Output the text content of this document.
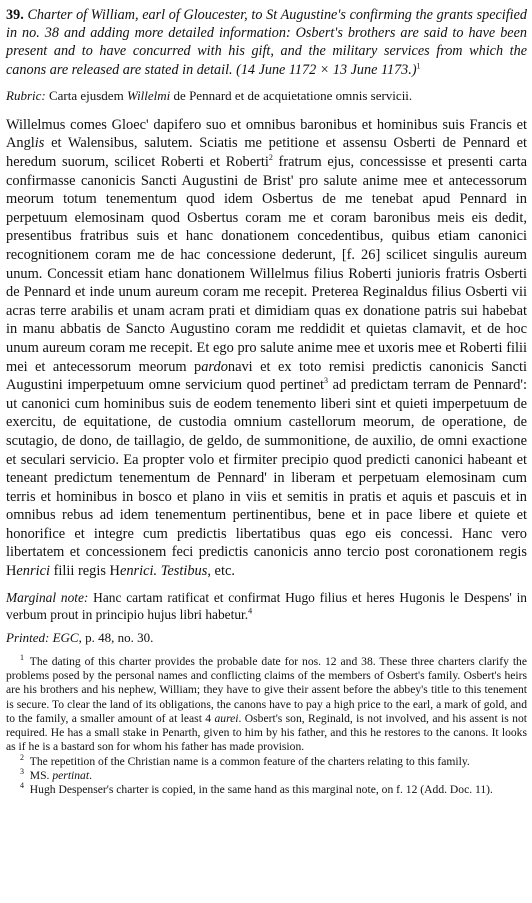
39. Charter of William, earl of Gloucester, to St Augustine's confirming the grants specified in no. 38 and adding more detailed information: Osbert's brothers are said to have been present and to have concurred with his gift, and the military services from which the canons are released are stated in detail. (14 June 1172 × 13 June 1173.)$^1$

Rubric: Carta ejusdem Willelmi de Pennard et de acquietatione omnis servicii.

Willelmus comes Gloec' dapifero suo et omnibus baronibus et hominibus suis Francis et Anglis et Walensibus, salutem. Sciatis me petitione et assensu Osberti de Pennard et heredum suorum, scilicet Roberti et Roberti$^2$ fratrum ejus, concessisse et presenti carta confirmasse canonicis Sancti Augustini de Brist' pro salute anime mee et antecessorum meorum totum tenementum quod idem Osbertus de me tenebat apud Pennard in perpetuum elemosinam quod Osbertus coram me et coram baronibus meis eis dedit, presentibus fratribus suis et hanc donationem concedentibus, quibus etiam canonici recognitionem coram me de hac concessione dederunt, [f. 26] scilicet singulis aureum unum. Concessit etiam hanc donationem Willelmus filius Roberti junioris fratris Osberti de Pennard et inde unum aureum coram me recepit. Preterea Reginaldus filius Osberti vii acras terre arabilis et unam acram prati et dimidiam quas ex donatione patris sui habebat in manu abbatis de Sancto Augustino coram me reddidit et quietas clamavit, et de hoc unum aureum coram me recepit. Et ego pro salute anime mee et uxoris mee et Roberti filii mei et antecessorum meorum pardonavi et ex toto remisi predictis canonicis Sancti Augustini imperpetuum omne servicium quod pertinet$^3$ ad predictam terram de Pennard': ut canonici cum hominibus suis de eodem tenemento liberi sint et quieti imperpetuum de exercitu, de equitatione, de custodia omnium castellorum meorum, de operatione, de scutagio, de dono, de taillagio, de geldo, de summonitione, de auxilio, de omni exactione et seculari servicio. Ea propter volo et firmiter precipio quod predicti canonici habeant et teneant predictum tenementum de Pennard' in liberam et perpetuam elemosinam cum terris et hominibus in bosco et plano in viis et semitis in pratis et aquis et pascuis et in omnibus rebus ad idem tenementum pertinentibus, bene et in pace libere et quiete et honorifice et integre cum predictis libertatibus quas ego eis concessi. Hanc vero libertatem et concessionem feci predictis canonicis anno tercio post coronationem regis Henrici filii regis Henrici. Testibus, etc.

Marginal note: Hanc cartam ratificat et confirmat Hugo filius et heres Hugonis le Despens' in verbum prout in principio hujus libri habetur.$^4$

Printed: EGC, p. 48, no. 30.

$^1$  The dating of this charter provides the probable date for nos. 12 and 38. These three charters clarify the problems posed by the personal names and conflicting claims of the members of Osbert's family. Osbert's heirs are his brothers and his nephew, William; they have to give their assent before the abbey's title to this tenement is secure. To clear the land of its obligations, the canons have to pay a high price to the earl, a mark of gold, and to the family, a smaller amount of at least 4 aurei. Osbert's son, Reginald, is not involved, and his assent is not required. He has a small stake in Penarth, given to him by his father, and this he restores to the canons. It looks as if he is a bastard son for whom his father has made provision.

$^2$  The repetition of the Christian name is a common feature of the charters relating to this family.

$^3$  MS. pertinat.

$^4$  Hugh Despenser's charter is copied, in the same hand as this marginal note, on f. 12 (Add. Doc. 11).
